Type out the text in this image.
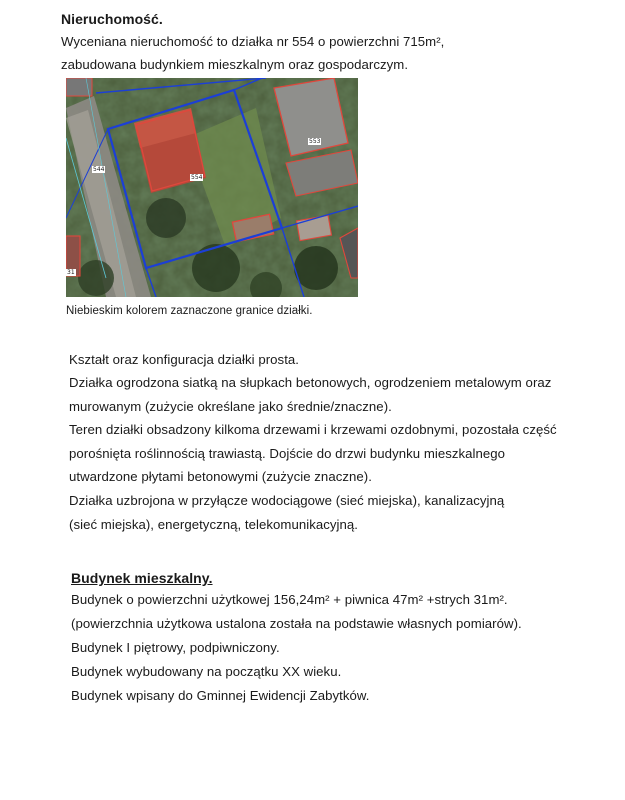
Nieruchomość.
Wyceniana nieruchomość to działka nr 554 o powierzchni 715m²,
zabudowana budynkiem mieszkalnym oraz gospodarczym.
554
553
544
31
Niebieskim kolorem zaznaczone granice działki.
Kształt oraz konfiguracja działki prosta.
Działka ogrodzona siatką na słupkach betonowych, ogrodzeniem metalowym oraz
murowanym (zużycie określane jako średnie/znaczne).
Teren działki obsadzony kilkoma drzewami i krzewami ozdobnymi, pozostała część
porośnięta roślinnością trawiastą. Dojście do drzwi budynku mieszkalnego
utwardzone płytami betonowymi (zużycie znaczne).
Działka uzbrojona w przyłącze wodociągowe (sieć miejska), kanalizacyjną
(sieć miejska), energetyczną, telekomunikacyjną.
Budynek mieszkalny.
Budynek o powierzchni użytkowej 156,24m² + piwnica 47m² +strych 31m².
(powierzchnia użytkowa ustalona została na podstawie własnych pomiarów).
Budynek I piętrowy, podpiwniczony.
Budynek wybudowany na początku XX wieku.
Budynek wpisany do Gminnej Ewidencji Zabytków.
